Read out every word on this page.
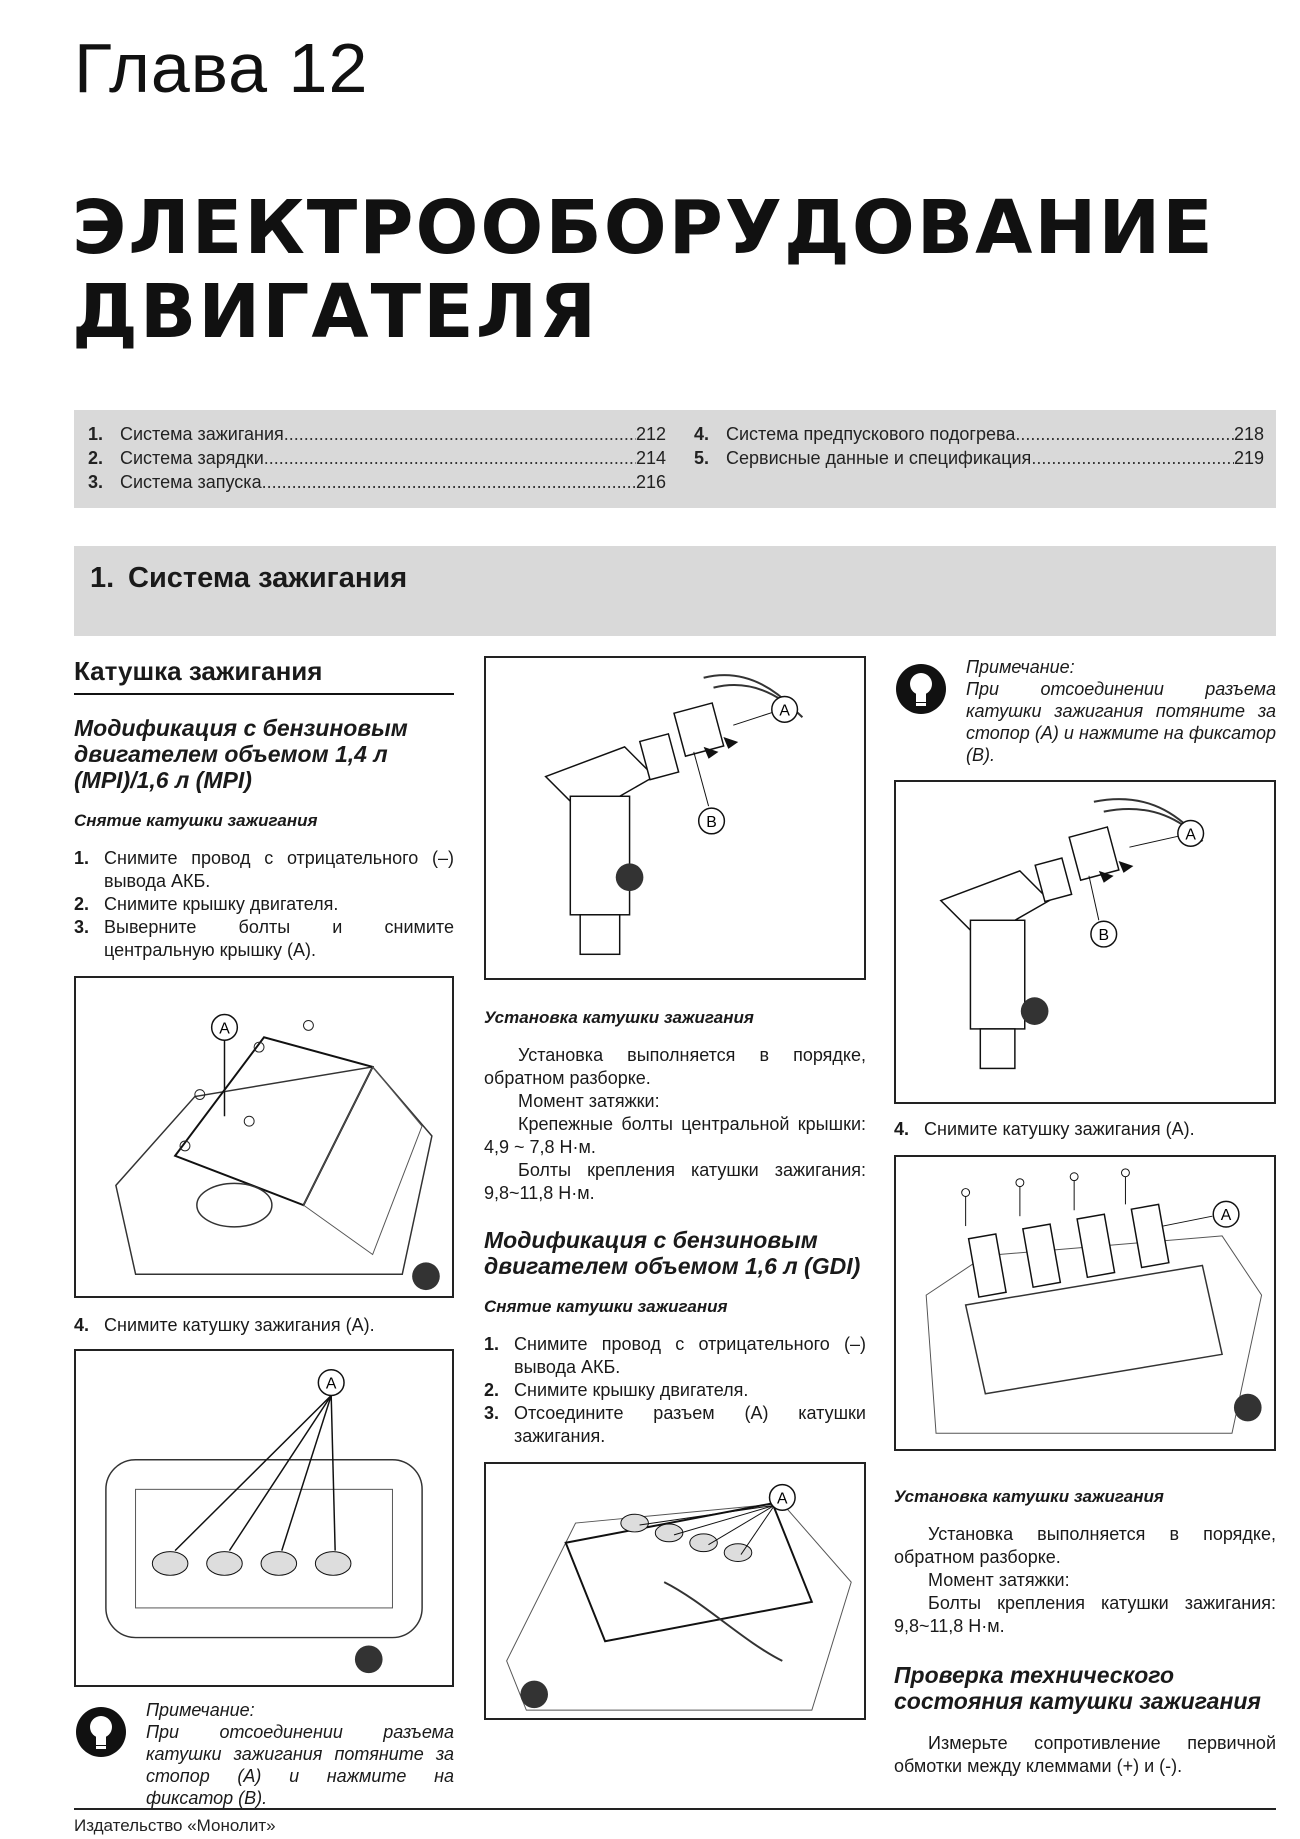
Глава 12
ЭЛЕКТРООБОРУДОВАНИЕ
ДВИГАТЕЛЯ
1. Система зажигания .....	212
2. Система зарядки .....	214
3. Система запуска .....	216
4. Система предпускового подогрева .....	218
5. Сервисные данные и спецификация .....	219
1. Система зажигания
Катушка зажигания
Модификация с бензиновым двигателем объемом 1,4 л (MPI)/1,6 л (MPI)
Снятие катушки зажигания
1. Снимите провод с отрицательного (–) вывода АКБ.
2. Снимите крышку двигателя.
3. Выверните болты и снимите центральную крышку (А).
A
4. Снимите катушку зажигания (А).
A
Примечание:
При отсоединении разъема катушки зажигания потяните за стопор (А) и нажмите на фиксатор (В).
B
A
Установка катушки зажигания
Установка выполняется в порядке, обратном разборке.
Момент затяжки:
Крепежные болты центральной крышки: 4,9 ~ 7,8 Н·м.
Болты крепления катушки зажигания: 9,8~11,8 Н·м.
Модификация с бензиновым двигателем объемом 1,6 л (GDI)
Снятие катушки зажигания
1. Снимите провод с отрицательного (–) вывода АКБ.
2. Снимите крышку двигателя.
3. Отсоедините разъем (А) катушки зажигания.
A
Примечание:
При отсоединении разъема катушки зажигания потяните за стопор (А) и нажмите на фиксатор (В).
B
A
4. Снимите катушку зажигания (А).
A
Установка катушки зажигания
Установка выполняется в порядке, обратном разборке.
Момент затяжки:
Болты крепления катушки зажигания: 9,8~11,8 Н·м.
Проверка технического состояния катушки зажигания
Измерьте сопротивление первичной обмотки между клеммами (+) и (-).
Издательство «Монолит»
